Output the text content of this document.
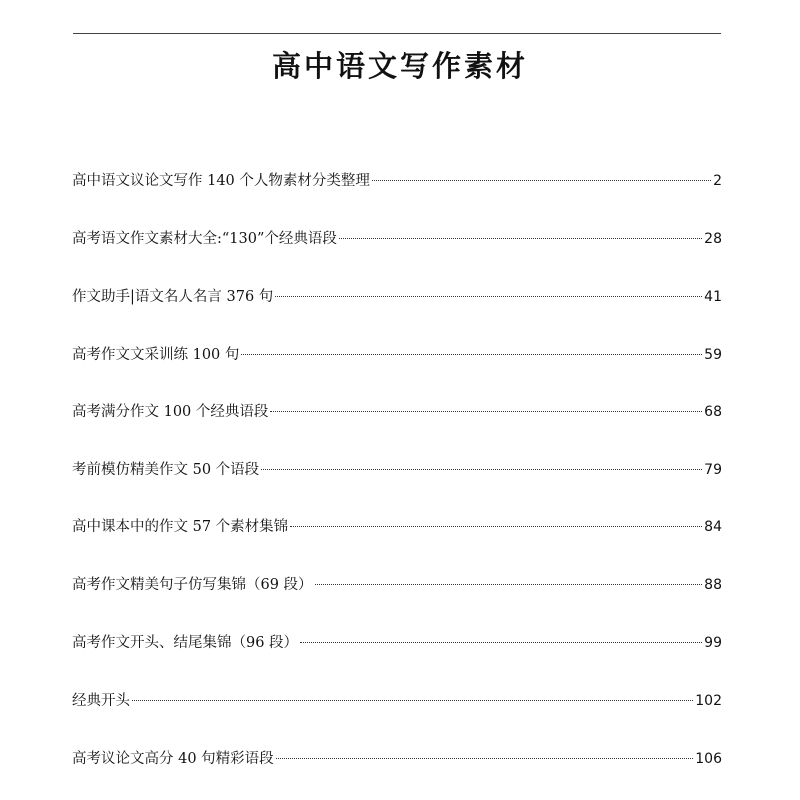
高中语文写作素材
高中语文议论文写作 140 个人物素材分类整理	2
高考语文作文素材大全:“130”个经典语段	28
作文助手|语文名人名言 376 句	41
高考作文文采训练 100 句	59
高考满分作文 100 个经典语段	68
考前模仿精美作文 50 个语段	79
高中课本中的作文 57 个素材集锦	84
高考作文精美句子仿写集锦（69 段）	88
高考作文开头、结尾集锦（96 段）	99
经典开头	102
高考议论文高分 40 句精彩语段	106
